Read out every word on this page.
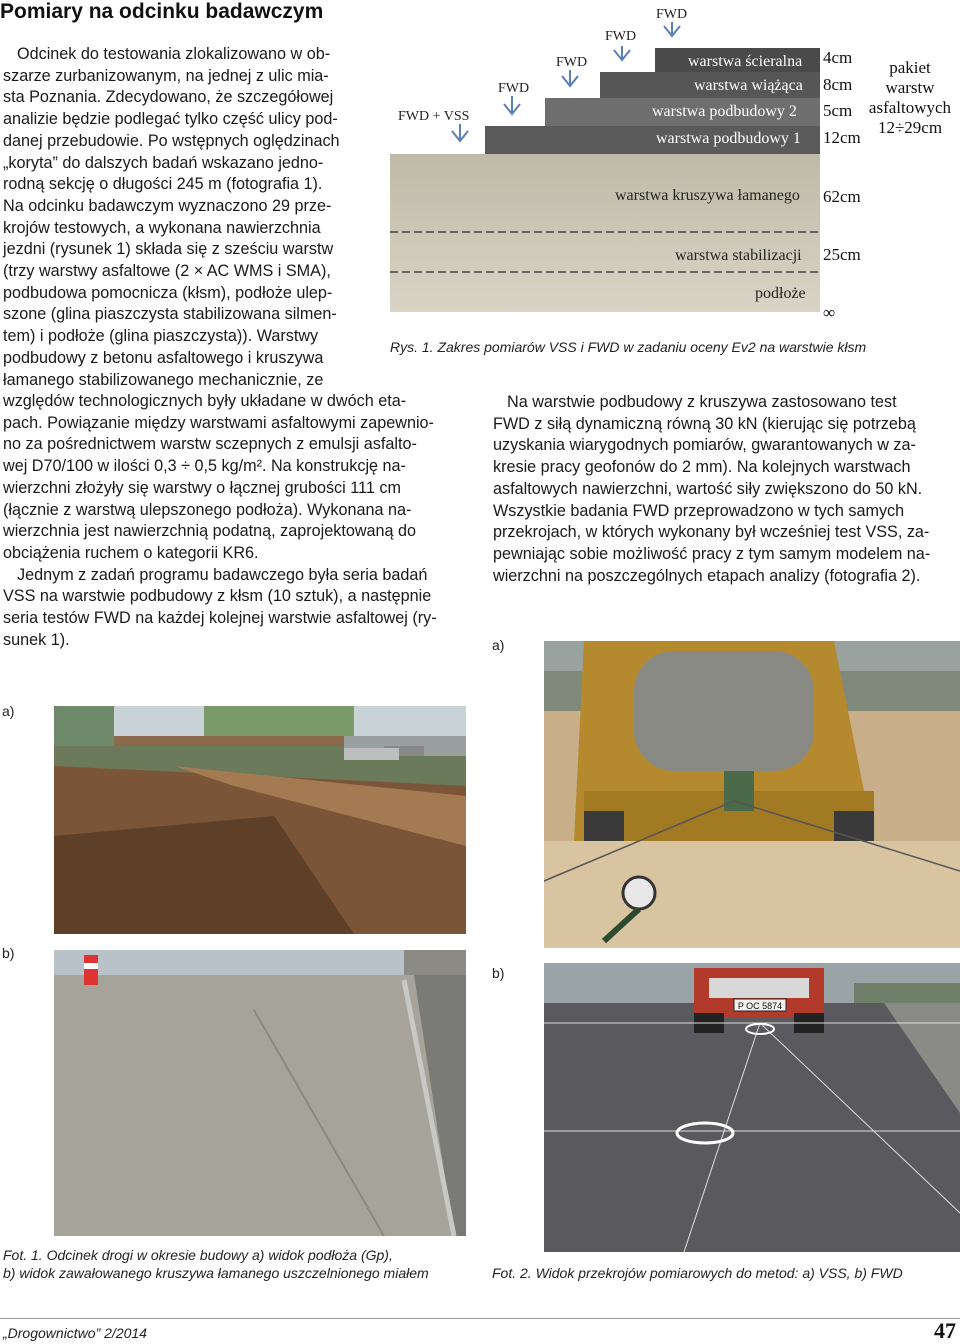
Pomiary na odcinku badawczym
Odcinek do testowania zlokalizowano w ob-
szarze zurbanizowanym, na jednej z ulic mia-
sta Poznania. Zdecydowano, że szczegółowej
analizie będzie podlegać tylko część ulicy pod-
danej przebudowie. Po wstępnych oględzinach
„koryta” do dalszych badań wskazano jedno-
rodną sekcję o długości 245 m (fotografia 1).
Na odcinku badawczym wyznaczono 29 prze-
krojów testowych, a wykonana nawierzchnia
jezdni (rysunek 1) składa się z sześciu warstw
(trzy warstwy asfaltowe (2 × AC WMS i SMA),
podbudowa pomocnicza (kłsm), podłoże ulep-
szone (glina piaszczysta stabilizowana silmen-
tem) i podłoże (glina piaszczysta)). Warstwy
podbudowy z betonu asfaltowego i kruszywa
łamanego stabilizowanego mechanicznie, ze
względów technologicznych były układane w dwóch eta-
pach. Powiązanie między warstwami asfaltowymi zapewnio-
no za pośrednictwem warstw sczepnych z emulsji asfalto-
wej D70/100 w ilości 0,3 ÷ 0,5 kg/m². Na konstrukcję na-
wierzchni złożyły się warstwy o łącznej grubości 111 cm
(łącznie z warstwą ulepszonego podłoża). Wykonana na-
wierzchnia jest nawierzchnią podatną, zaprojektowaną do
obciążenia ruchem o kategorii KR6.
Jednym z zadań programu badawczego była seria badań
VSS na warstwie podbudowy z kłsm (10 sztuk), a następnie
seria testów FWD na każdej kolejnej warstwie asfaltowej (ry-
sunek 1).
Na warstwie podbudowy z kruszywa zastosowano test
FWD z siłą dynamiczną równą 30 kN (kierując się potrzebą
uzyskania wiarygodnych pomiarów, gwarantowanych w za-
kresie pracy geofonów do 2 mm). Na kolejnych warstwach
asfaltowych nawierzchni, wartość siły zwiększono do 50 kN.
Wszystkie badania FWD przeprowadzono w tych samych
przekrojach, w których wykonany był wcześniej test VSS, za-
pewniając sobie możliwość pracy z tym samym modelem na-
wierzchni na poszczególnych etapach analizy (fotografia 2).
warstwa ścieralna 4cm
warstwa wiążąca 8cm
warstwa podbudowy 2 5cm
warstwa podbudowy 1 12cm
warstwa kruszywa łamanego 62cm
warstwa stabilizacji 25cm
podłoże
∞
FWD + VSS
FWD
FWD
FWD
FWD
pakiet
warstw
asfaltowych
12÷29cm
Rys. 1. Zakres pomiarów VSS i FWD w zadaniu oceny Ev2 na warstwie kłsm
a)
b)
P OC 5874
a)
b)
Fot. 1. Odcinek drogi w okresie budowy a) widok podłoża (Gp),
b) widok zawałowanego kruszywa łamanego uszczelnionego miałem	Fot. 2. Widok przekrojów pomiarowych do metod: a) VSS, b) FWD
„Drogownictwo” 2/2014	47
